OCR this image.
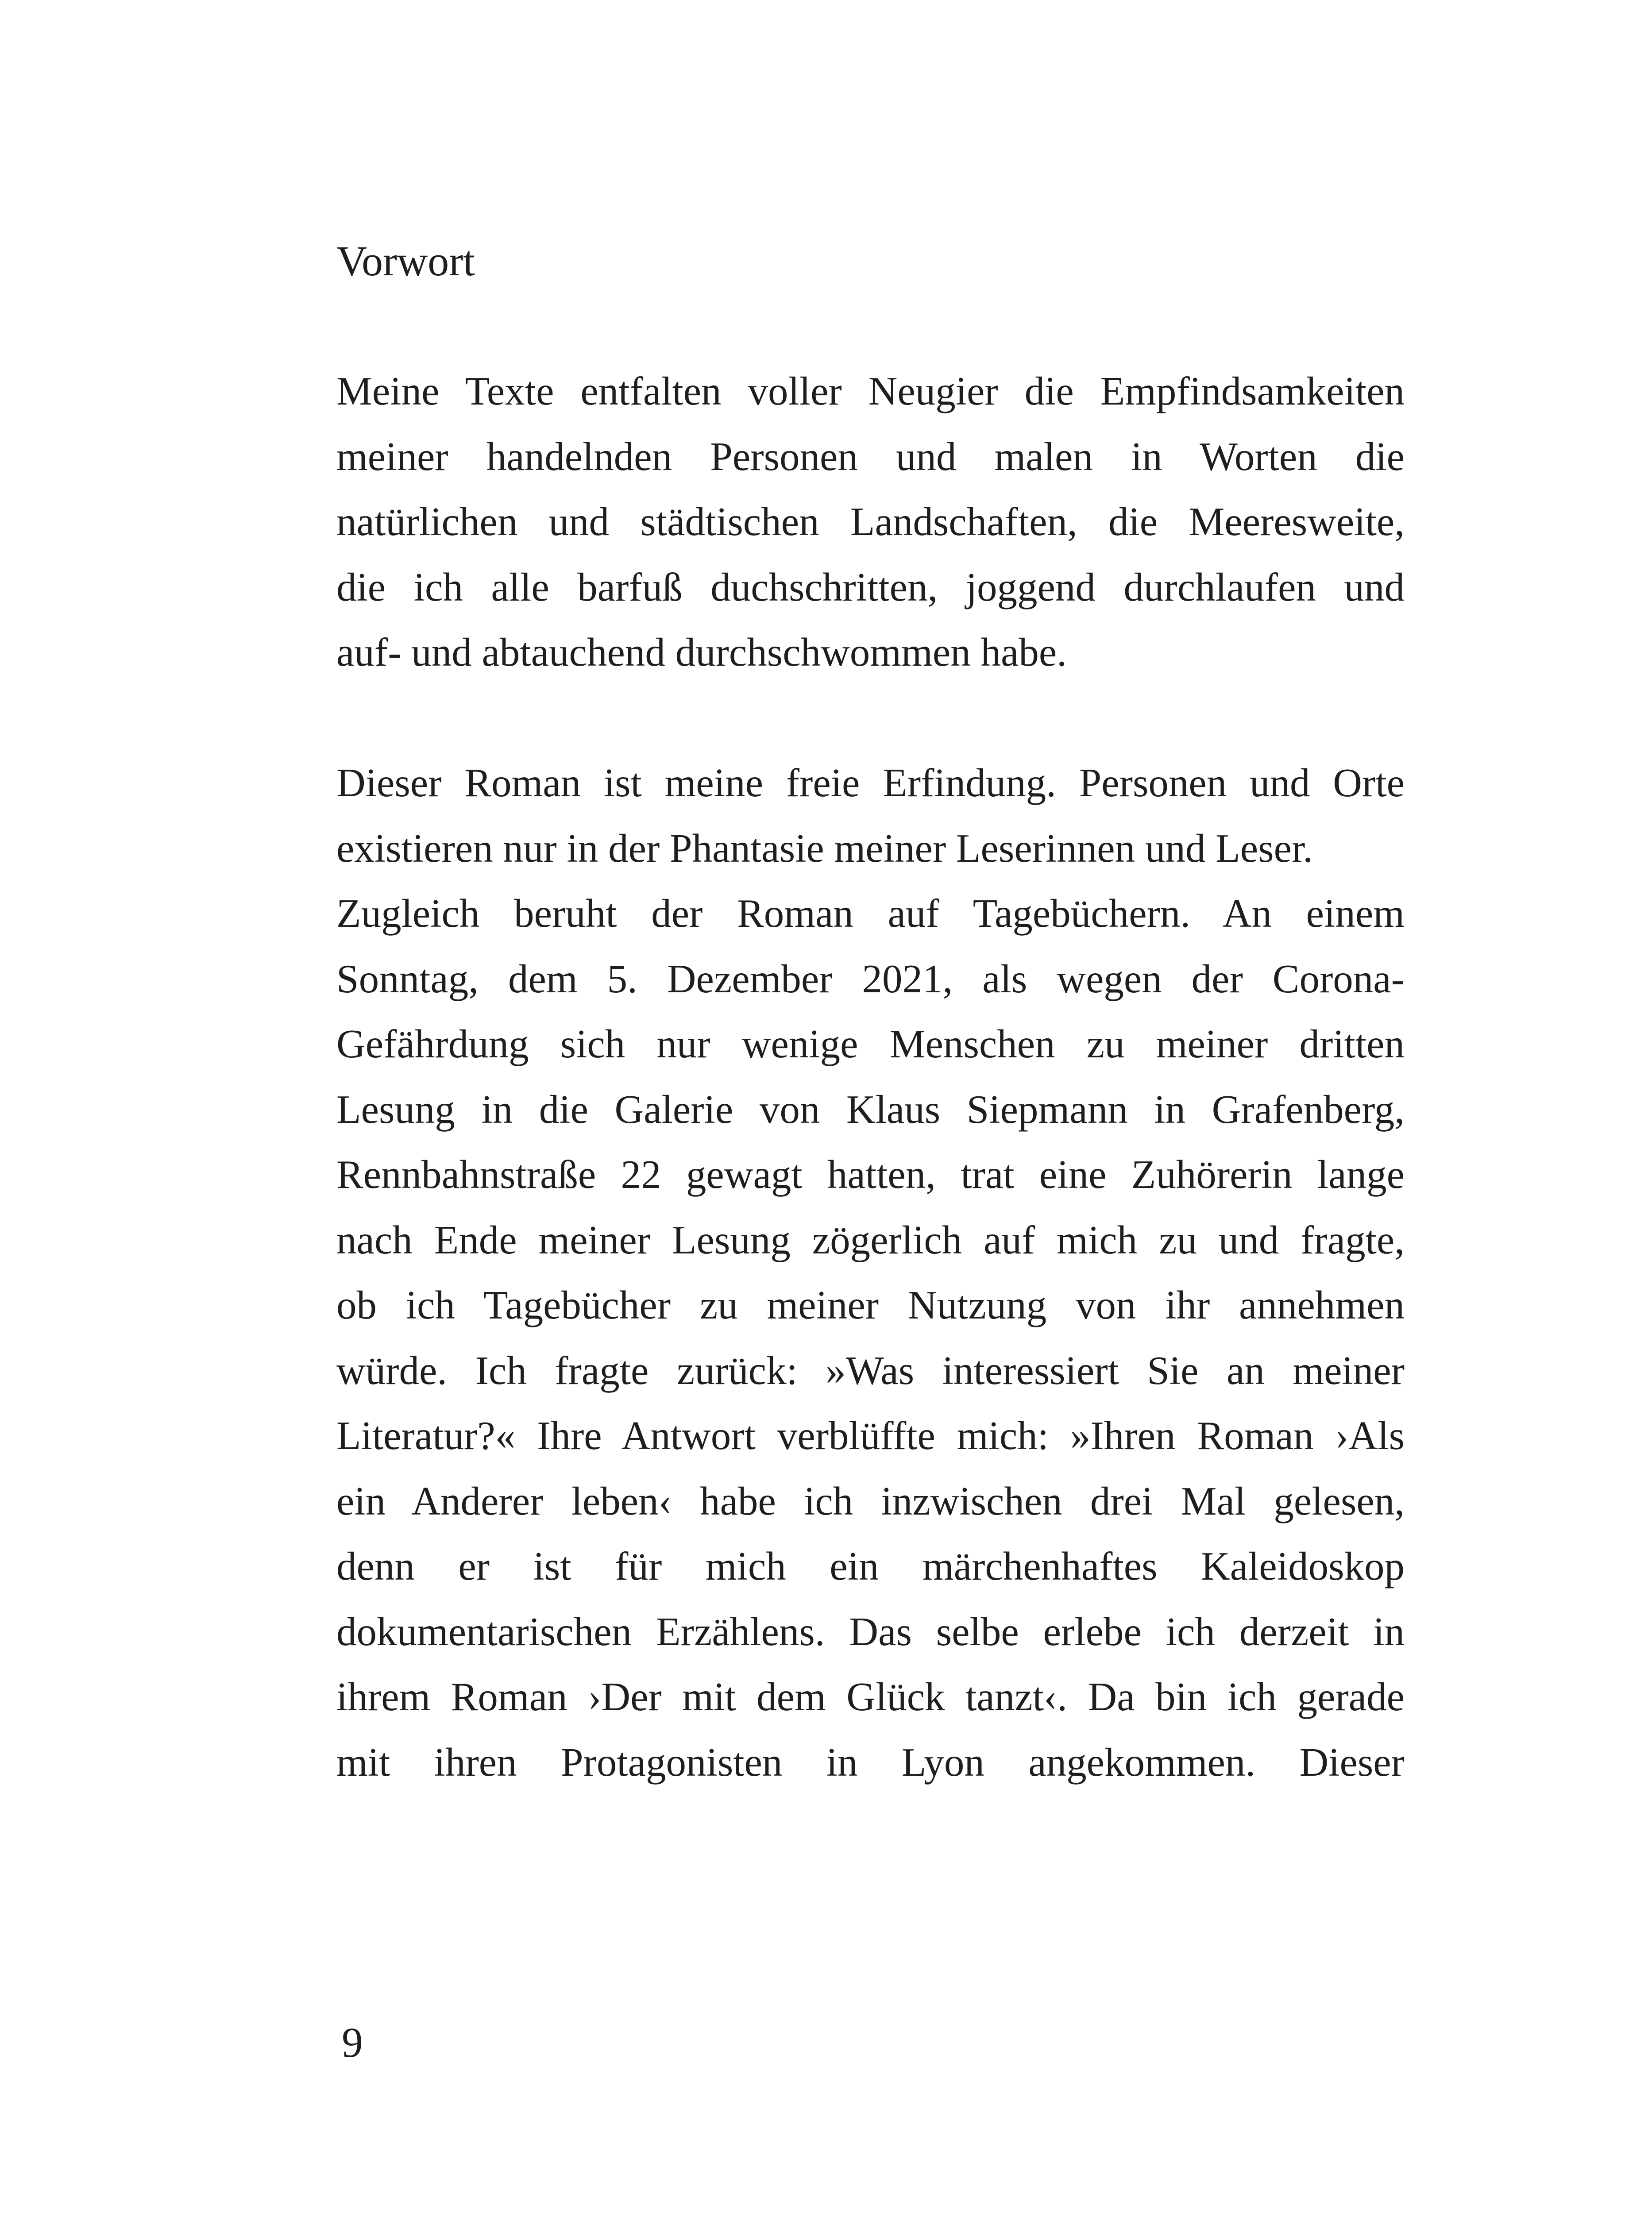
Vorwort
Meine Texte entfalten voller Neugier die Empfindsamkeiten
meiner handelnden Personen und malen in Worten die
natürlichen und städtischen Landschaften, die Meeresweite,
die ich alle barfuß duchschritten, joggend durchlaufen und
auf- und abtauchend durchschwommen habe.
Dieser Roman ist meine freie Erfindung. Personen und Orte
existieren nur in der Phantasie meiner Leserinnen und Leser.
Zugleich beruht der Roman auf Tagebüchern. An einem
Sonntag, dem 5. Dezember 2021, als wegen der Corona-
Gefährdung sich nur wenige Menschen zu meiner dritten
Lesung in die Galerie von Klaus Siepmann in Grafenberg,
Rennbahnstraße 22 gewagt hatten, trat eine Zuhörerin lange
nach Ende meiner Lesung zögerlich auf mich zu und fragte,
ob ich Tagebücher zu meiner Nutzung von ihr annehmen
würde. Ich fragte zurück: »Was interessiert Sie an meiner
Literatur?« Ihre Antwort verblüffte mich: »Ihren Roman ›Als
ein Anderer leben‹ habe ich inzwischen drei Mal gelesen,
denn er ist für mich ein märchenhaftes Kaleidoskop
dokumentarischen Erzählens. Das selbe erlebe ich derzeit in
ihrem Roman ›Der mit dem Glück tanzt‹. Da bin ich gerade
mit ihren Protagonisten in Lyon angekommen. Dieser

9
